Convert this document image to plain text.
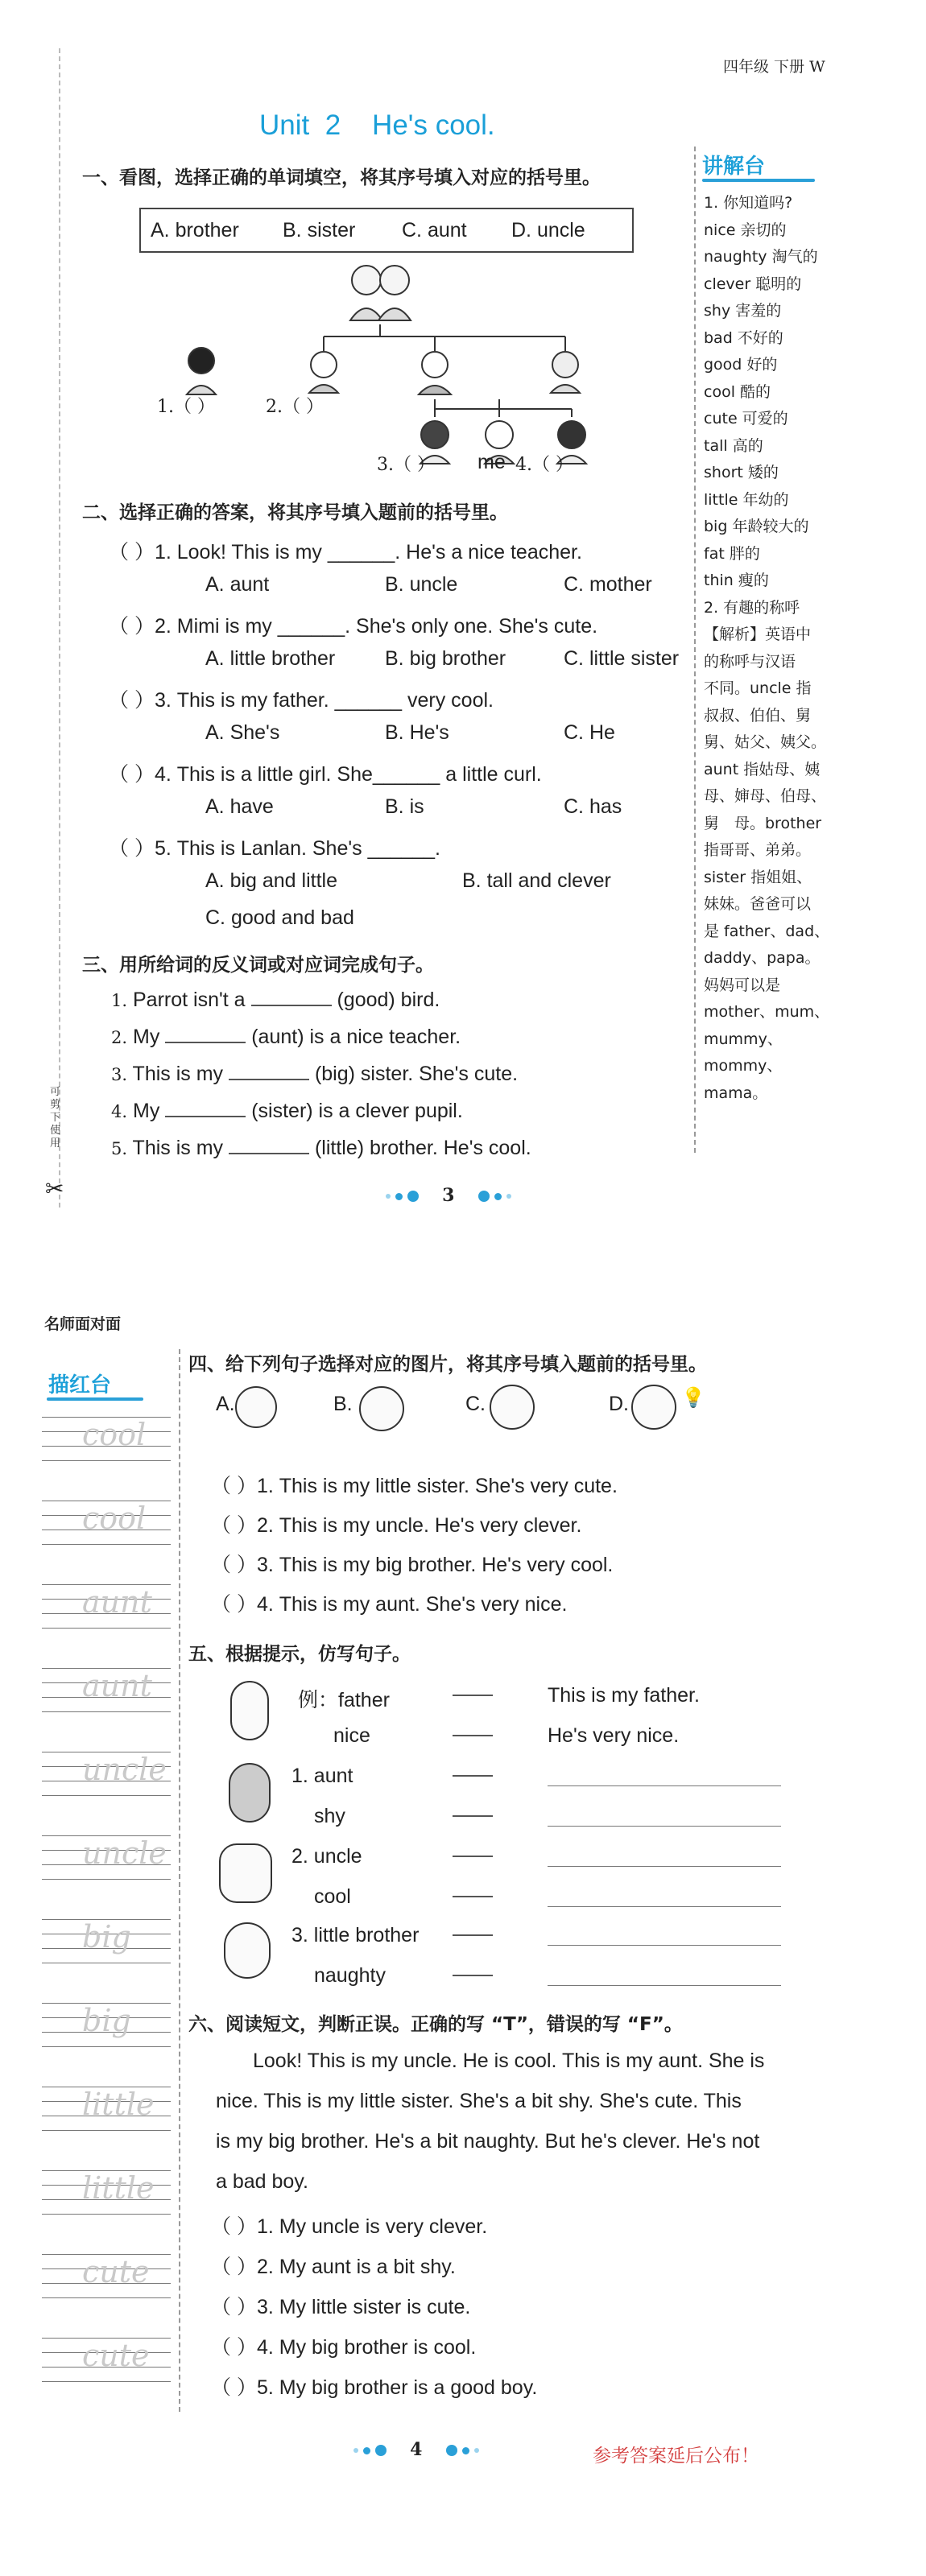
四年级 下册 W
Unit  2    He's cool.
一、看图，选择正确的单词填空，将其序号填入对应的括号里。
A. brother B. sister C. aunt D. uncle
1.（ ）	2.（ ）
3.（ ） me 4.（ ）
二、选择正确的答案，将其序号填入题前的括号里。
（ ）1. Look! This is my ______. He's a nice teacher.
A. aunt	B. uncle	C. mother
（ ）2. Mimi is my ______. She's only one. She's cute.
A. little brother B. big brother	C. little sister
（ ）3. This is my father. ______ very cool.
A. She's	B. He's	C. He
（ ）4. This is a little girl. She______ a little curl.
A. have	B. is	C. has
（ ）5. This is Lanlan. She's ______.
A. big and little	B. tall and clever
C. good and bad
三、用所给词的反义词或对应词完成句子。
1. Parrot isn't a	(good) bird.
2. My	(aunt) is a nice teacher.
3. This is my	(big) sister. She's cute.
4. My	(sister) is a clever pupil.
5. This is my	(little) brother. He's cool.
讲解台
1. 你知道吗?
nice 亲切的
naughty 淘气的
clever 聪明的
shy 害羞的
bad 不好的
good 好的
cool 酷的
cute 可爱的
tall 高的
short 矮的
little 年幼的
big 年龄较大的
fat 胖的
thin 瘦的
2. 有趣的称呼
【解析】英语中
的称呼与汉语
不同。uncle 指
叔叔、伯伯、舅
舅、姑父、姨父。
aunt 指姑母、姨
母、婶母、伯母、
舅　母。brother
指哥哥、弟弟。
sister 指姐姐、
妹妹。爸爸可以
是 father、dad、
daddy、papa。
妈妈可以是
mother、mum、
mummy、
mommy、
mama。
可剪下使用
✂	3
名师面对面
描红台
cool
cool
aunt
aunt
uncle
uncle
big
big
little
little
cute
cute
四、给下列句子选择对应的图片，将其序号填入题前的括号里。
A.	B.	C.	D.	💡
（ ）1. This is my little sister. She's very cute.
（ ）2. This is my uncle. He's very clever.
（ ）3. This is my big brother. He's very cool.
（ ）4. This is my aunt. She's very nice.
五、根据提示，仿写句子。
例：father	This is my father.
nice	He's very nice.
1. aunt
shy
2. uncle
cool
3. little brother
naughty
六、阅读短文，判断正误。正确的写 “T”，错误的写 “F”。
Look! This is my uncle. He is cool. This is my aunt. She is
nice. This is my little sister. She's a bit shy. She's cute. This
is my big brother. He's a bit naughty. But he's clever. He's not
a bad boy.
（ ）1. My uncle is very clever.
（ ）2. My aunt is a bit shy.
（ ）3. My little sister is cute.
（ ）4. My big brother is cool.
（ ）5. My big brother is a good boy.
4	参考答案延后公布！
